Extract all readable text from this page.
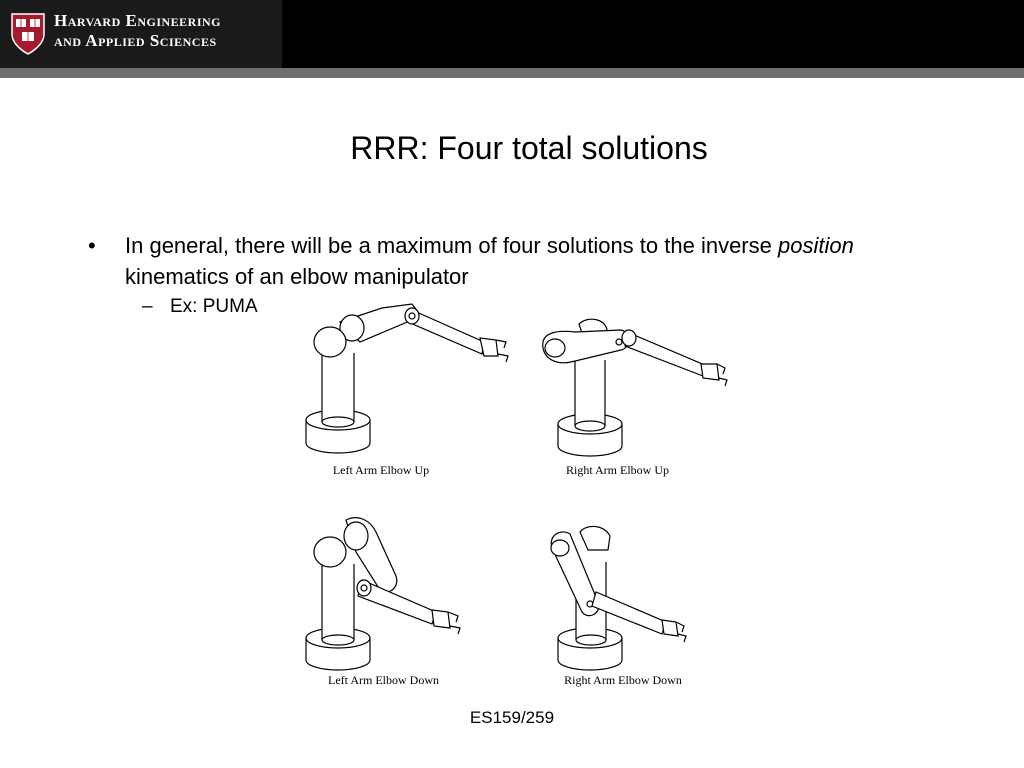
Harvard Engineering
and Applied Sciences
RRR: Four total solutions
• In general, there will be a maximum of four solutions to the inverse position kinematics of an elbow manipulator
– Ex: PUMA
Left Arm Elbow Up	Right Arm Elbow Up
Left Arm Elbow Down	Right Arm Elbow Down
ES159/259
